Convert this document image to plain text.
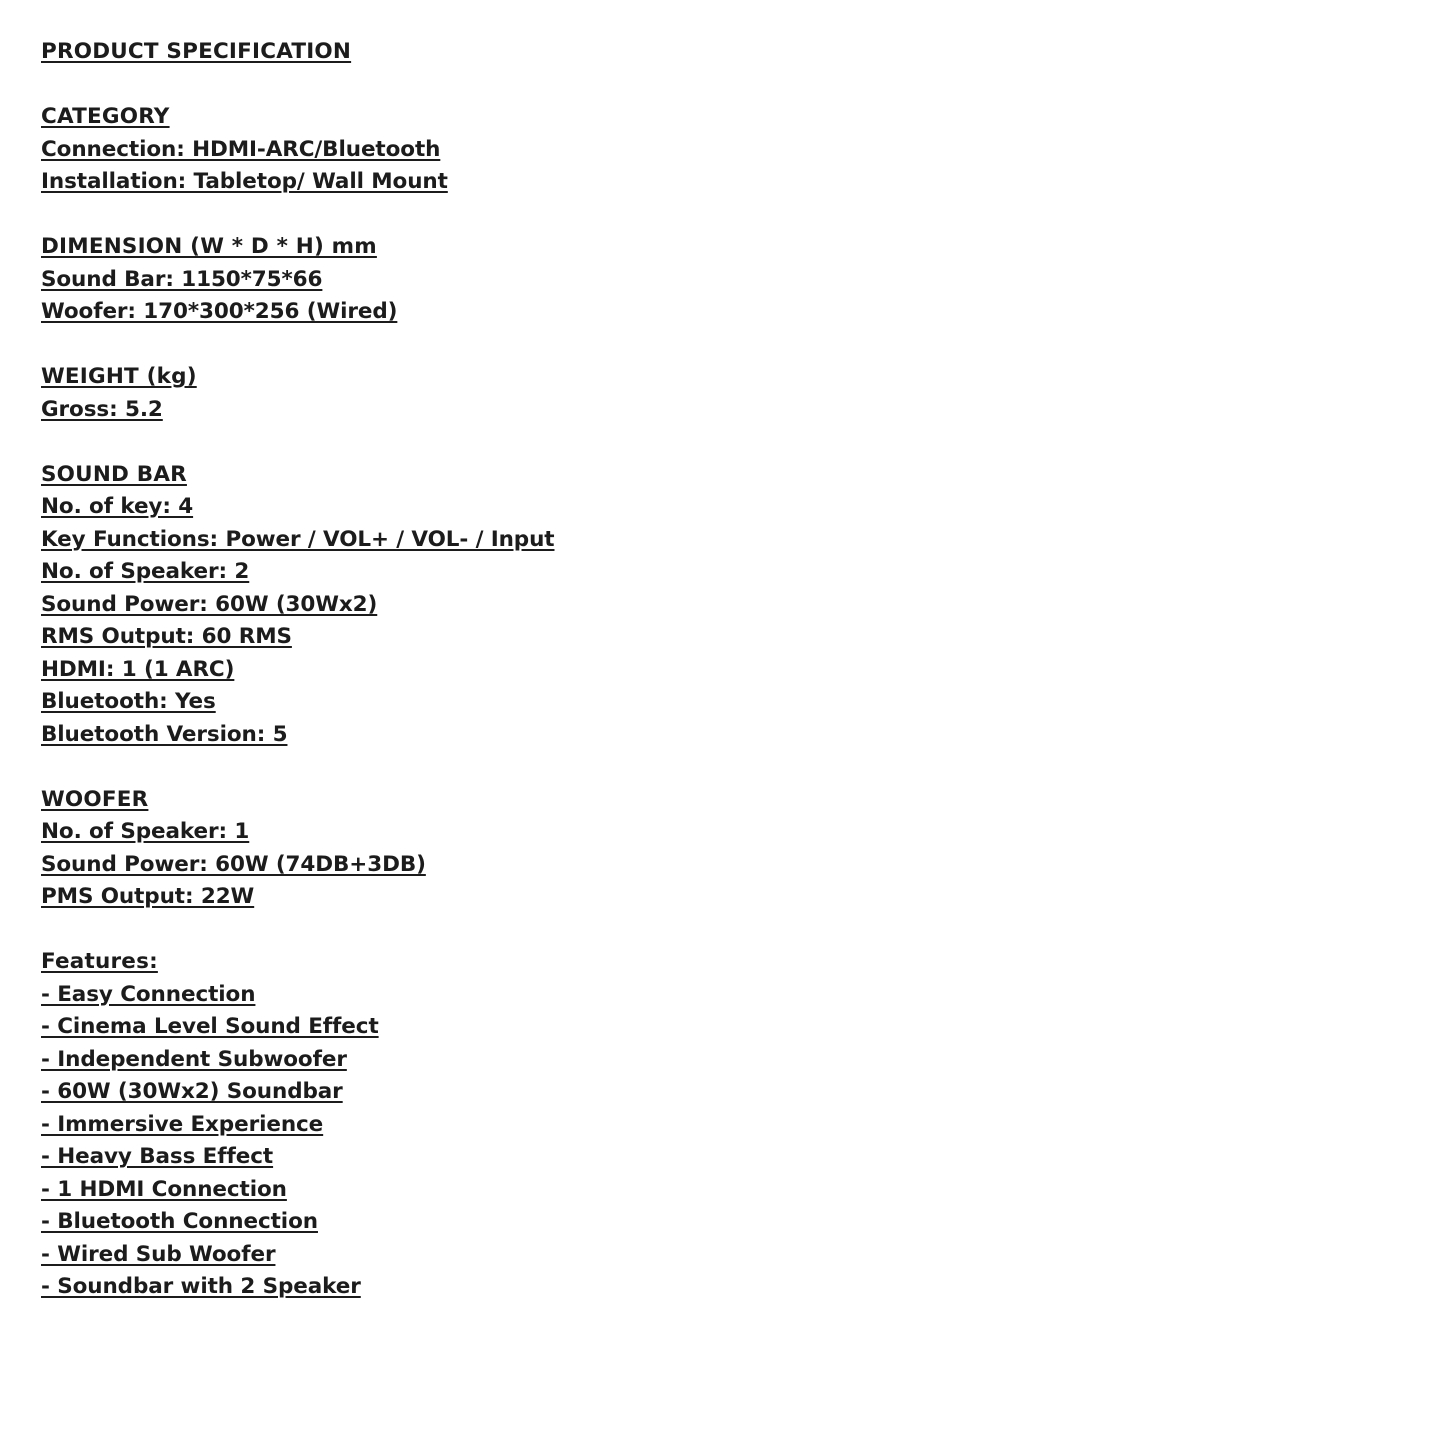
PRODUCT SPECIFICATION
CATEGORY
Connection: HDMI-ARC/Bluetooth
Installation: Tabletop/ Wall Mount
DIMENSION (W * D * H) mm
Sound Bar: 1150*75*66
Woofer: 170*300*256 (Wired)
WEIGHT (kg)
Gross: 5.2
SOUND BAR
No. of key: 4
Key Functions: Power / VOL+ / VOL- / Input
No. of Speaker: 2
Sound Power: 60W (30Wx2)
RMS Output: 60 RMS
HDMI: 1 (1 ARC)
Bluetooth: Yes
Bluetooth Version: 5
WOOFER
No. of Speaker: 1
Sound Power: 60W (74DB+3DB)
PMS Output: 22W
Features:
- Easy Connection
- Cinema Level Sound Effect
- Independent Subwoofer
- 60W (30Wx2) Soundbar
- Immersive Experience
- Heavy Bass Effect
- 1 HDMI Connection
- Bluetooth Connection
- Wired Sub Woofer
- Soundbar with 2 Speaker
